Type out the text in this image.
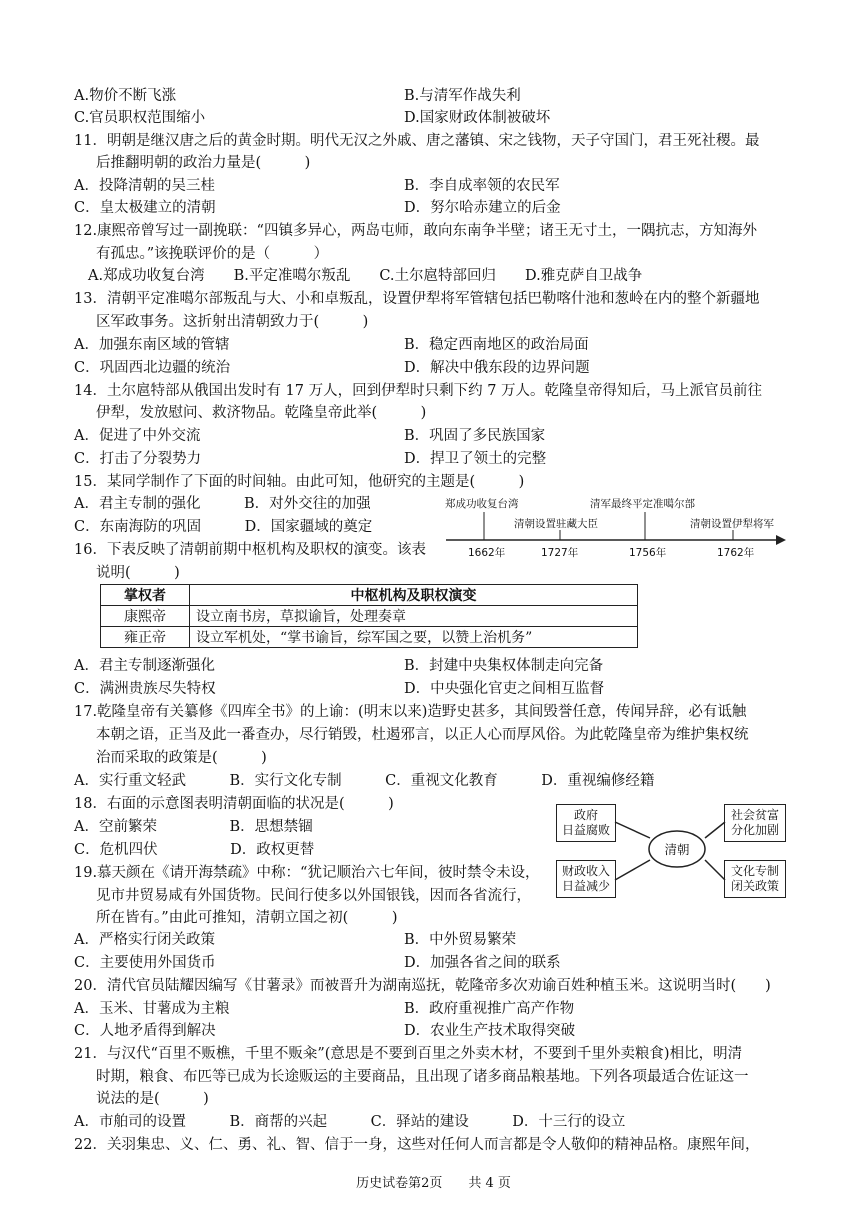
A.物价不断飞涨	B.与清军作战失利
C.官员职权范围缩小	D.国家财政体制被破坏
11．明朝是继汉唐之后的黄金时期。明代无汉之外戚、唐之藩镇、宋之钱物，天子守国门，君王死社稷。最
后推翻明朝的政治力量是(　　　)
A．投降清朝的吴三桂	B．李自成率领的农民军
C．皇太极建立的清朝	D．努尔哈赤建立的后金
12.康熙帝曾写过一副挽联：“四镇多异心，两岛屯师，敢向东南争半壁；诸王无寸土，一隅抗志，方知海外
有孤忠。”该挽联评价的是（　　　）
A.郑成功收复台湾　　B.平定准噶尔叛乱　　C.土尔扈特部回归　　D.雅克萨自卫战争
13．清朝平定准噶尔部叛乱与大、小和卓叛乱，设置伊犁将军管辖包括巴勒喀什池和葱岭在内的整个新疆地
区军政事务。这折射出清朝致力于(　　　)
A．加强东南区域的管辖	B．稳定西南地区的政治局面
C．巩固西北边疆的统治	D．解决中俄东段的边界问题
14．土尔扈特部从俄国出发时有 17 万人，回到伊犁时只剩下约 7 万人。乾隆皇帝得知后，马上派官员前往
伊犁，发放慰问、救济物品。乾隆皇帝此举(　　　)
A．促进了中外交流	B．巩固了多民族国家
C．打击了分裂势力	D．捍卫了领土的完整
15．某同学制作了下面的时间轴。由此可知，他研究的主题是(　　　)
A．君主专制的强化　　　B．对外交往的加强
C．东南海防的巩固　　　D．国家疆域的奠定
郑成功收复台湾	清军最终平定准噶尔部
清朝设置驻藏大臣	清朝设置伊犁将军
1662年	1727年	1756年	1762年
16．下表反映了清朝前期中枢机构及职权的演变。该表
说明(　　　)
掌权者	中枢机构及职权演变
康熙帝	设立南书房，草拟谕旨，处理奏章
雍正帝	设立军机处，“掌书谕旨，综军国之要，以赞上治机务”
A．君主专制逐渐强化	B．封建中央集权体制走向完备
C．满洲贵族尽失特权	D．中央强化官吏之间相互监督
17.乾隆皇帝有关纂修《四库全书》的上谕：(明末以来)造野史甚多，其间毁誉任意，传闻异辞，必有诋触
本朝之语，正当及此一番查办，尽行销毁，杜遏邪言，以正人心而厚风俗。为此乾隆皇帝为维护集权统
治而采取的政策是(　　　)
A．实行重文轻武　　　B．实行文化专制　　　C．重视文化教育　　　D．重视编修经籍
18．右面的示意图表明清朝面临的状况是(　　　)
A．空前繁荣　　　　　B．思想禁锢
C．危机四伏　　　　　D．政权更替	清朝
政府
日益腐败
社会贫富
分化加剧
财政收入
日益减少
文化专制
闭关政策
19.慕天颜在《请开海禁疏》中称：“犹记顺治六七年间，彼时禁令未设，
见市井贸易咸有外国货物。民间行使多以外国银钱，因而各省流行，
所在皆有。”由此可推知，清朝立国之初(　　　)
A．严格实行闭关政策	B．中外贸易繁荣
C．主要使用外国货币	D．加强各省之间的联系
20．清代官员陆耀因编写《甘薯录》而被晋升为湖南巡抚，乾隆帝多次劝谕百姓种植玉米。这说明当时(　　)
A．玉米、甘薯成为主粮	B．政府重视推广高产作物
C．人地矛盾得到解决	D．农业生产技术取得突破
21．与汉代“百里不贩樵，千里不贩籴”(意思是不要到百里之外卖木材，不要到千里外卖粮食)相比，明清
时期，粮食、布匹等已成为长途贩运的主要商品，且出现了诸多商品粮基地。下列各项最适合佐证这一
说法的是(　　　)
A．市舶司的设置　　　B．商帮的兴起　　　C．驿站的建设　　　D．十三行的设立
22．关羽集忠、义、仁、勇、礼、智、信于一身，这些对任何人而言都是令人敬仰的精神品格。康熙年间，
历史试卷第2页　　共 4 页
